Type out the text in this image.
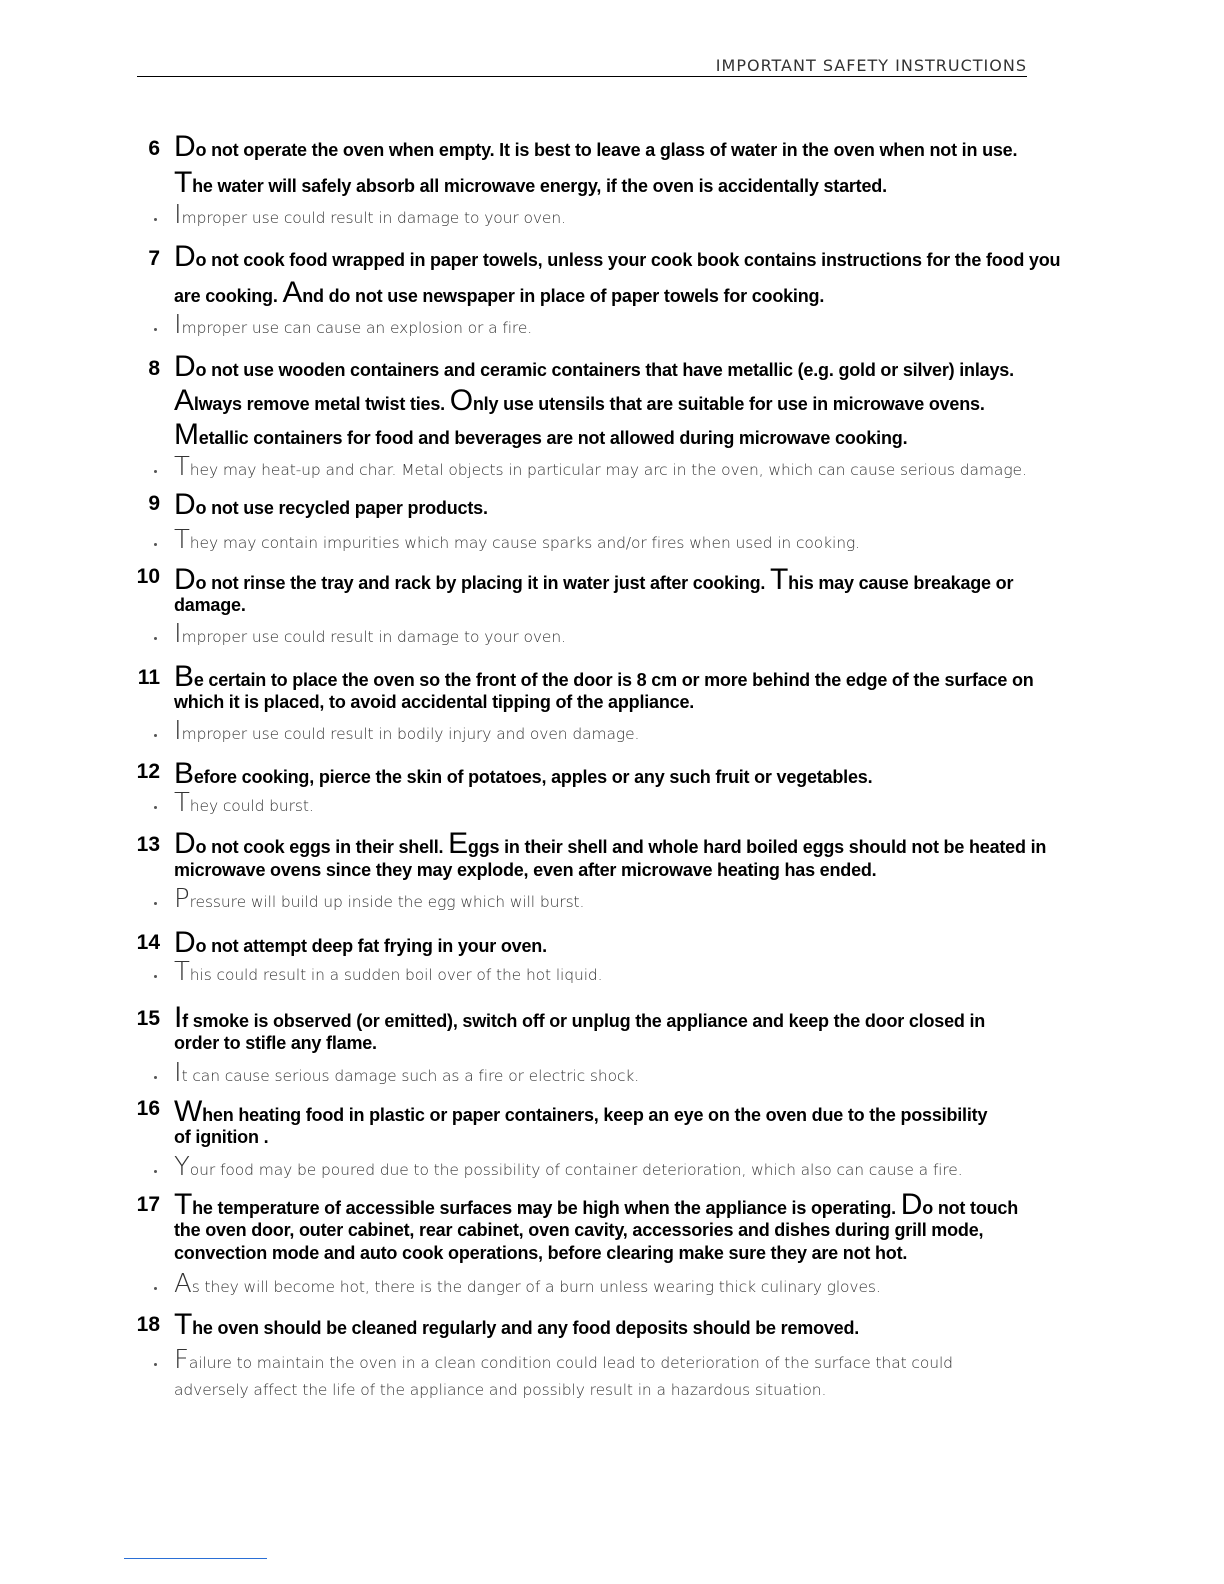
IMPORTANT SAFETY INSTRUCTIONS
6 Do not operate the oven when empty. It is best to leave a glass of water in the oven when not in use.
The water will safely absorb all microwave energy, if the oven is accidentally started.
Improper use could result in damage to your oven.
7 Do not cook food wrapped in paper towels, unless your cook book contains instructions for the food you
are cooking. And do not use newspaper in place of paper towels for cooking.
Improper use can cause an explosion or a fire.
8 Do not use wooden containers and ceramic containers that have metallic (e.g. gold or silver) inlays.
Always remove metal twist ties. Only use utensils that are suitable for use in microwave ovens.
Metallic containers for food and beverages are not allowed during microwave cooking.
They may heat-up and char. Metal objects in particular may arc in the oven, which can cause serious damage.
9 Do not use recycled paper products.
They may contain impurities which may cause sparks and/or fires when used in cooking.
10 Do not rinse the tray and rack by placing it in water just after cooking. This may cause breakage or
damage.
Improper use could result in damage to your oven.
11 Be certain to place the oven so the front of the door is 8 cm or more behind the edge of the surface on
which it is placed, to avoid accidental tipping of the appliance.
Improper use could result in bodily injury and oven damage.
12 Before cooking, pierce the skin of potatoes, apples or any such fruit or vegetables.
They could burst.
13 Do not cook eggs in their shell. Eggs in their shell and whole hard boiled eggs should not be heated in
microwave ovens since they may explode, even after microwave heating has ended.
Pressure will build up inside the egg which will burst.
14 Do not attempt deep fat frying in your oven.
This could result in a sudden boil over of the hot liquid.
15 If smoke is observed (or emitted), switch off or unplug the appliance and keep the door closed in
order to stifle any flame.
It can cause serious damage such as a fire or electric shock.
16 When heating food in plastic or paper containers, keep an eye on the oven due to the possibility
of ignition .
Your food may be poured due to the possibility of container deterioration, which also can cause a fire.
17 The temperature of accessible surfaces may be high when the appliance is operating. Do not touch
the oven door, outer cabinet, rear cabinet, oven cavity, accessories and dishes during grill mode,
convection mode and auto cook operations, before clearing make sure they are not hot.
As they will become hot, there is the danger of a burn unless wearing thick culinary gloves.
18 The oven should be cleaned regularly and any food deposits should be removed.
Failure to maintain the oven in a clean condition could lead to deterioration of the surface that could
adversely affect the life of the appliance and possibly result in a hazardous situation.
